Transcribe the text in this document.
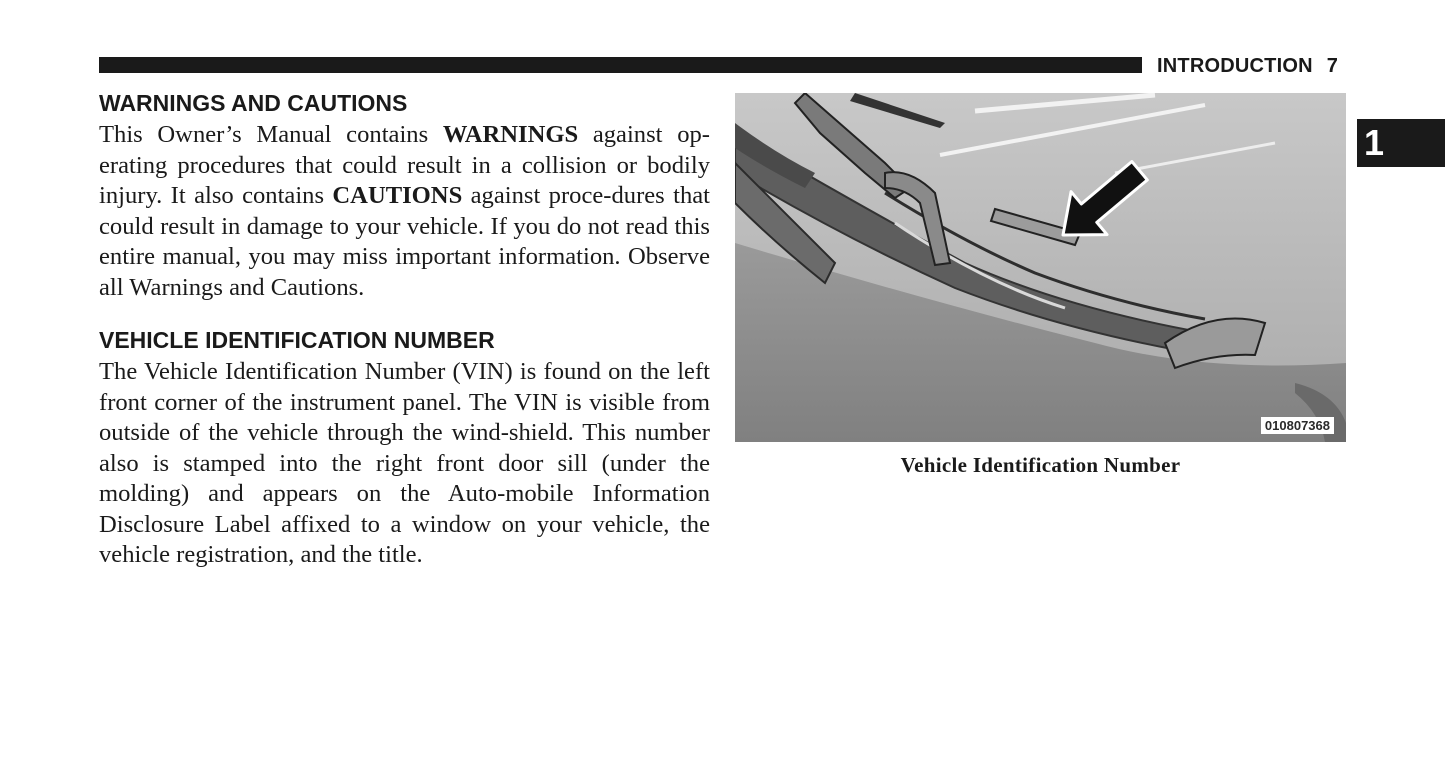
INTRODUCTION 7
1
WARNINGS AND CAUTIONS

This Owner’s Manual contains WARNINGS against op-erating procedures that could result in a collision or bodily injury. It also contains CAUTIONS against proce-dures that could result in damage to your vehicle. If you do not read this entire manual, you may miss important information. Observe all Warnings and Cautions.

VEHICLE IDENTIFICATION NUMBER

The Vehicle Identification Number (VIN) is found on the left front corner of the instrument panel. The VIN is visible from outside of the vehicle through the wind-shield. This number also is stamped into the right front door sill (under the molding) and appears on the Auto-mobile Information Disclosure Label affixed to a window on your vehicle, the vehicle registration, and the title.

010807368
Vehicle Identification Number
